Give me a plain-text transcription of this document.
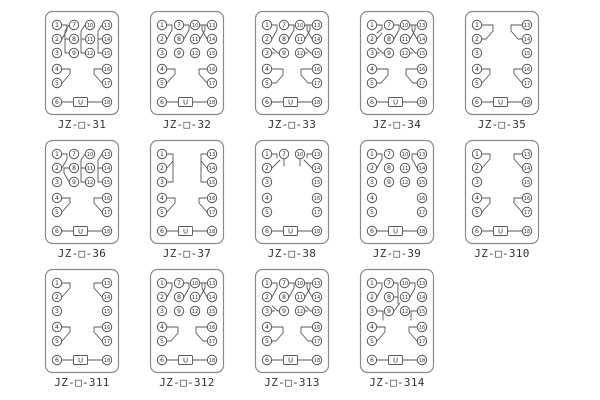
U
1
2
3
4
5
6
7
8
9
10
11
12
13
14
15
16
17
18
JZ-□-31
U
1
2
3
4
5
6
7
8
9
10
11
12
13
14
15
16
17
18
JZ-□-32
U
1
2
3
4
5
6
7
8
9
10
11
12
13
14
15
16
17
18
JZ-□-33
U
1
2
3
4
5
6
7
8
9
10
11
12
13
14
15
16
17
18
JZ-□-34
U
1
2
3
4
5
6
13
14
15
16
17
18
JZ-□-35
U
1
2
3
4
5
6
7
8
9
10
11
12
13
14
15
16
17
18
JZ-□-36
U
1
2
3
4
5
6
13
14
15
16
17
18
JZ-□-37
U
1
2
3
4
5
6
7 10 13
14
15
16
17
18
JZ-□-38
U
1
2
3
4
5
6
7
8
9
10
11
12
13
14
15
16
17
18
JZ-□-39
U
1
2
3
4
5
6
13
14
15
16
17
18
JZ-□-310
U
1
2
3
4
5
6
13
14
15
16
17
18
JZ-□-311
U
1
2
3
4
5
6
7
8
9
10
11
12
13
14
15
16
17
18
JZ-□-312
U
1
2
3
4
5
6
7
8
9
10
11
12
13
14
15
16
17
18
JZ-□-313
U
1
2
3
4
5
6
7
8
9
10
11
12
13
14
15
16
17
18
JZ-□-314
